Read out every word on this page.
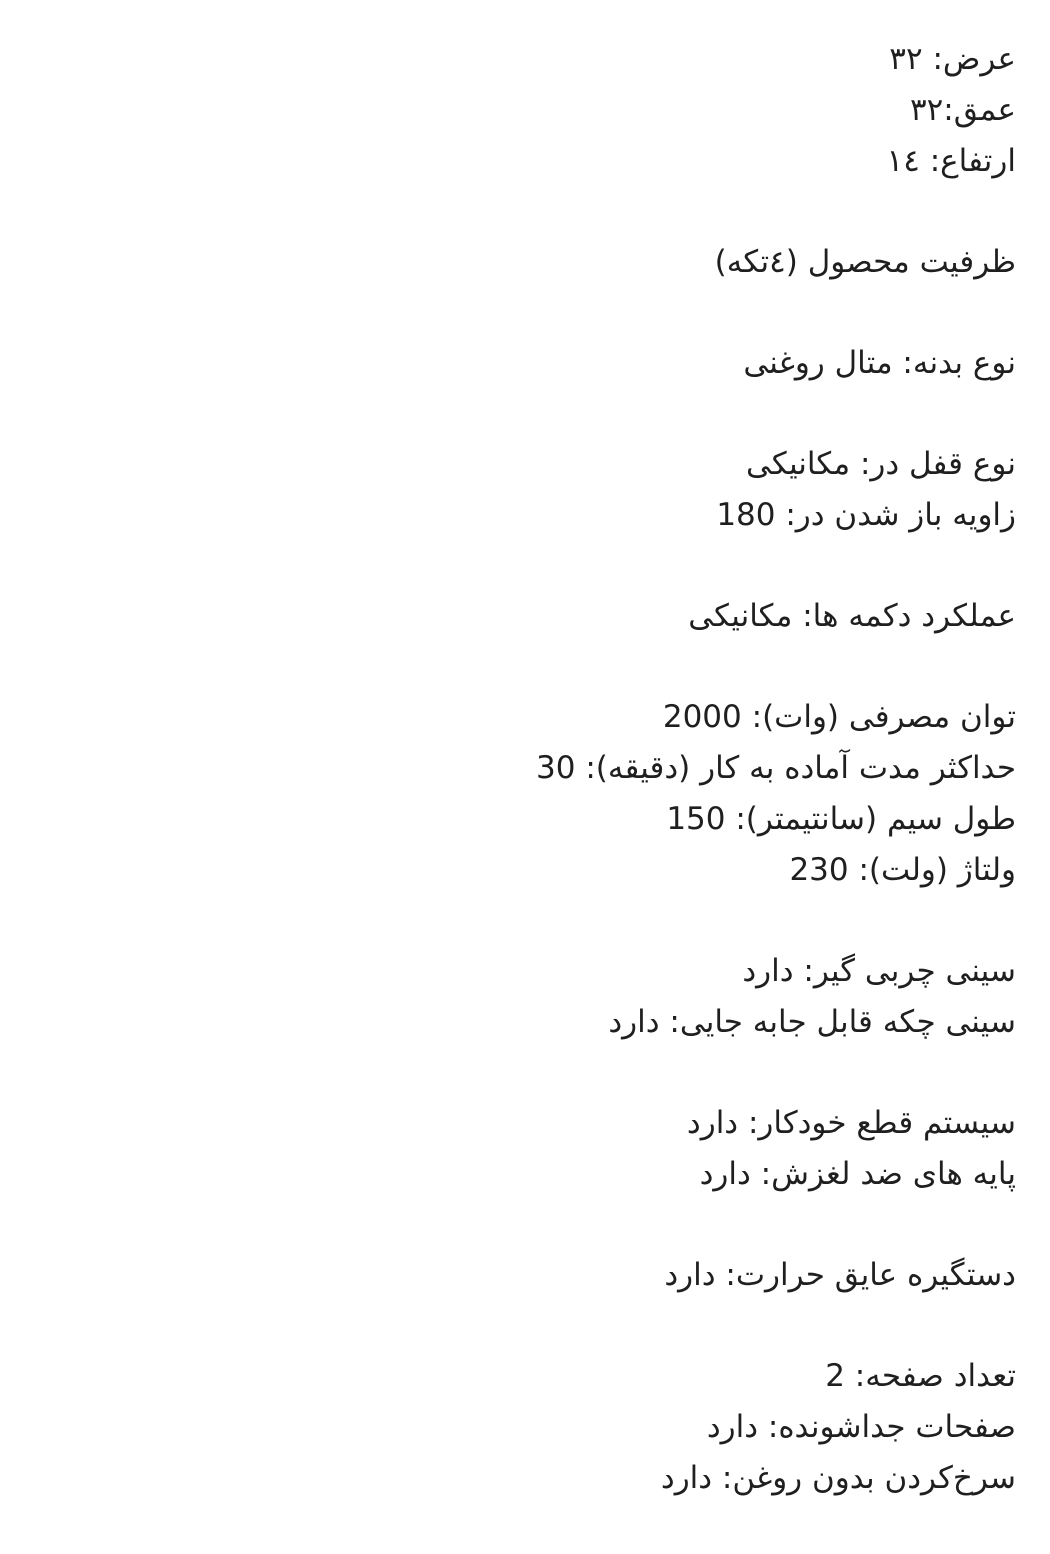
عرض: ۳۲
عمق:۳۲
ارتفاع: ۱٤
ظرفیت محصول (٤تکه)
نوع بدنه: متال روغنی
نوع قفل در: مکانیکی
زاویه باز شدن در: 180
عملکرد دکمه ها: مکانیکی
توان مصرفی (وات): 2000
حداکثر مدت آماده به کار (دقیقه): 30
طول سیم (سانتیمتر): 150
ولتاژ (ولت): 230
سینی چربی گیر: دارد
سینی چکه قابل جابه جایی: دارد
سیستم قطع خودکار: دارد
پایه های ضد لغزش: دارد
دستگیره عایق حرارت: دارد
تعداد صفحه: 2
صفحات جداشونده: دارد
سرخ‌کردن بدون روغن: دارد
